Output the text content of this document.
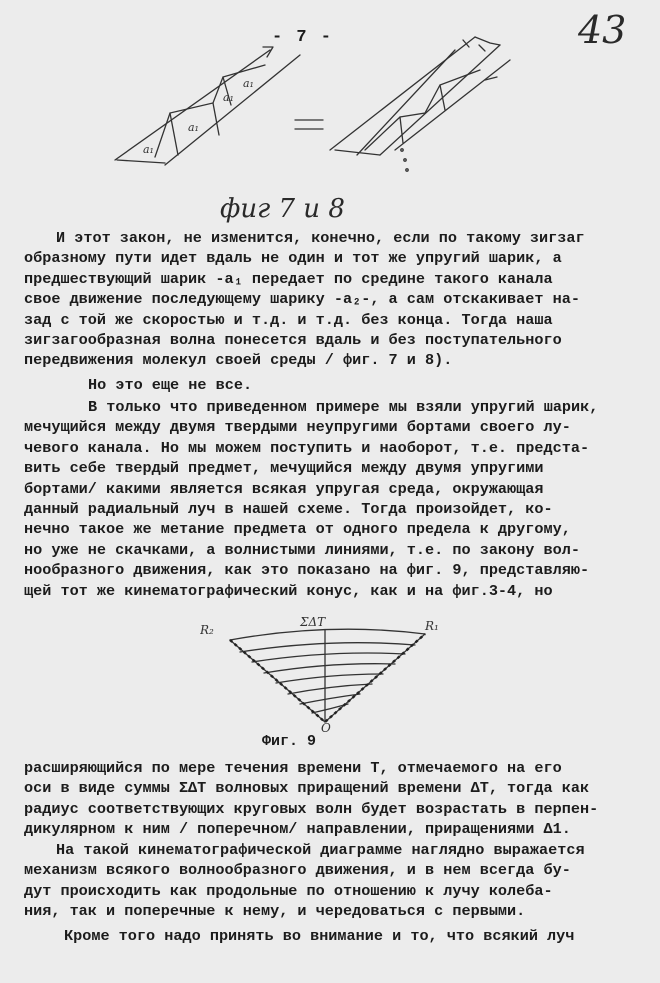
- 7 -	43
a₁
a₁
a₁
a₁
фиг 7 и 8
И этот закон, не изменится, конечно, если по такому зигзаг
образному пути идет вдаль не один и тот же упругий шарик, а
предшествующий шарик -a₁ передает по срединe такого канала
свое движение последующему шарику -a₂-, а сам отскакивает на-
зад с той же скоростью и т.д. и т.д. без конца. Тогда наша
зигзагообразная волна понесется вдаль и без поступательного
передвижения молекул своей среды / фиг. 7 и 8).
Но это еще не все.
В только что приведенном примере мы взяли упругий шарик,
мечущийся между двумя твердыми неупругими бортами своего лу-
чевого канала. Но мы можем поступить и наоборот, т.е. предста-
вить себе твердый предмет, мечущийся между двумя упругими
бортами/ какими является всякая упругая среда, окружающая
данный радиальный луч в нашей схеме. Тогда произойдет, ко-
нечно такое же метание предмета от одного предела к другому,
но уже не скачками, а волнистыми линиями, т.е. по закону вол-
нообразного движения, как это показано на фиг. 9, представляю-
щей тот же кинематографический конус, как и на фиг.3-4, но
R₂	R₁
ΣΔT
O
Фиг. 9
расширяющийся по мере течения времени T, отмечаемого на его
оси в виде суммы ΣΔT волновых приращений времени ΔT, тогда как
радиус соответствующих круговых волн будет возрастать в перпен-
дикулярном к ним / поперечном/ направлении, приращениями Δ1.
На такой кинематографической диаграмме наглядно выражается
механизм всякого волнообразного движения, и в нем всегда бу-
дут происходить как продольные по отношению к лучу колеба-
ния, так и поперечные к нему, и чередоваться с первыми.
Кроме того надо принять во внимание и то, что всякий луч
